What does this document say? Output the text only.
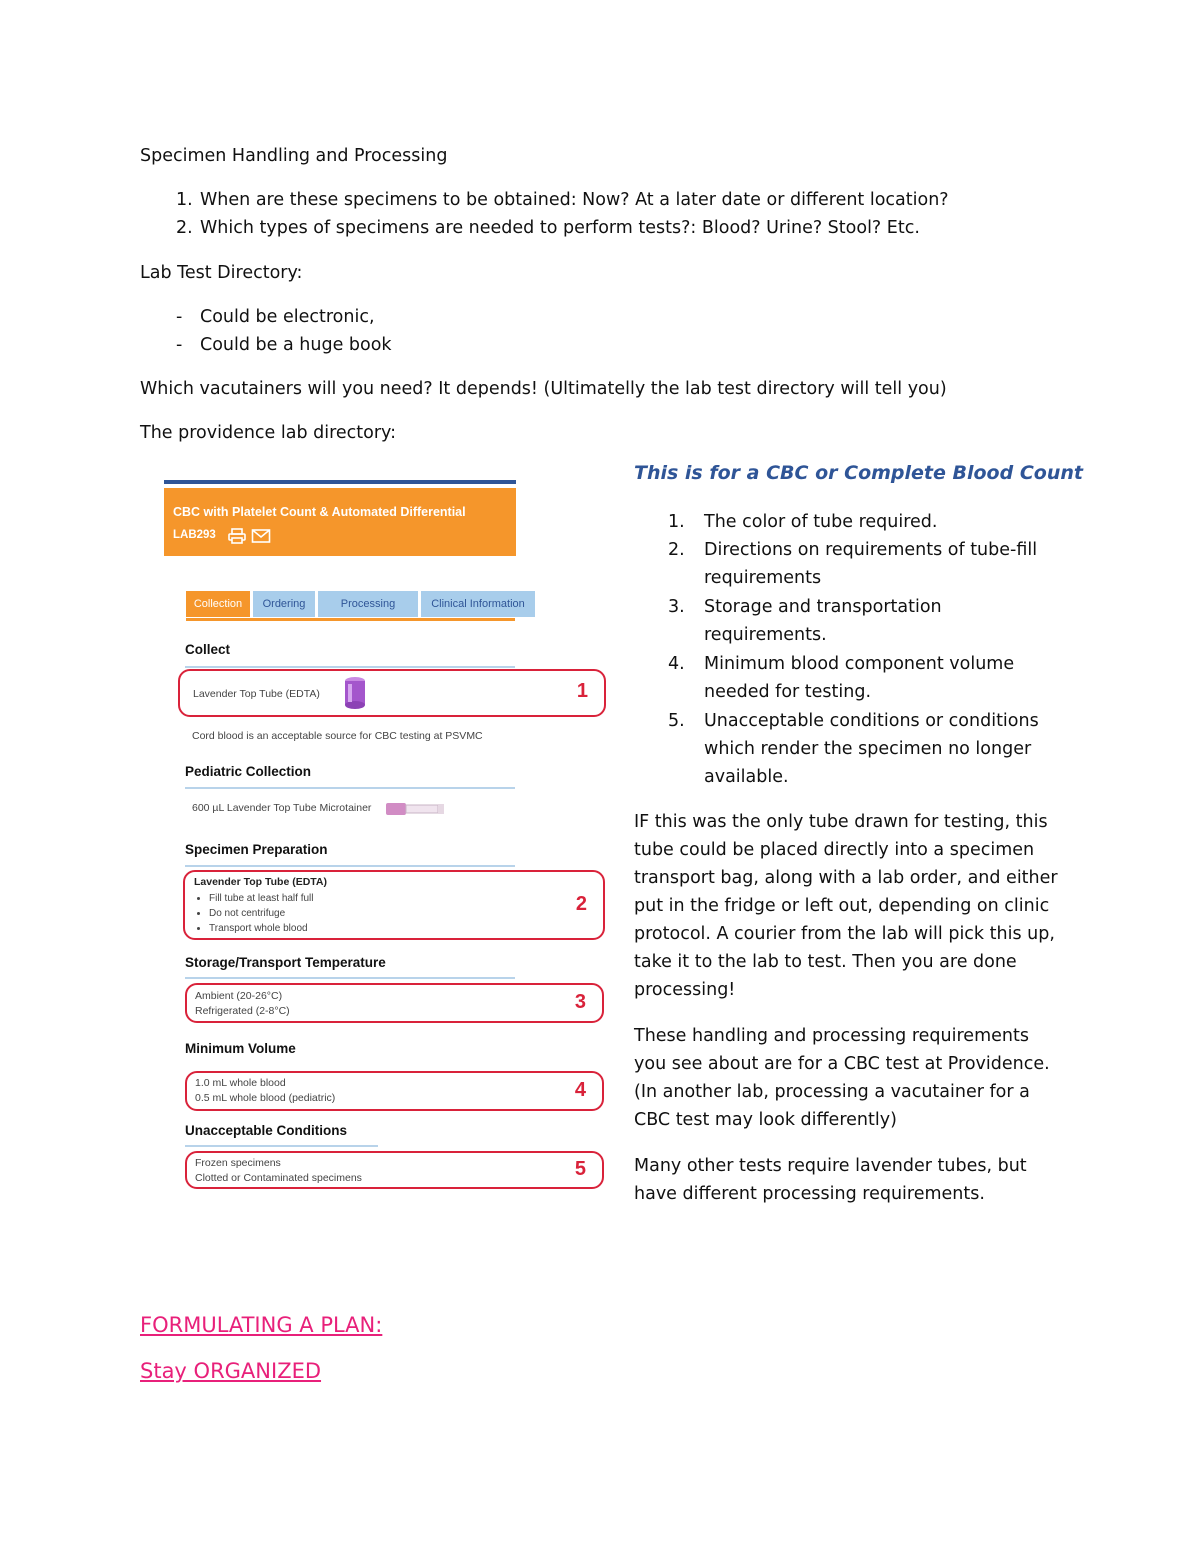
Specimen Handling and Processing
1. When are these specimens to be obtained: Now? At a later date or different location?
2. Which types of specimens are needed to perform tests?: Blood? Urine? Stool? Etc.
Lab Test Directory:
- Could be electronic,
- Could be a huge book
Which vacutainers will you need? It depends! (Ultimatelly the lab test directory will tell you)
The providence lab directory:
CBC with Platelet Count & Automated Differential
LAB293
Collection	Ordering	Processing	Clinical Information
Collect
Lavender Top Tube (EDTA)	1
Cord blood is an acceptable source for CBC testing at PSVMC
Pediatric Collection
600 µL Lavender Top Tube Microtainer
Specimen Preparation
Lavender Top Tube (EDTA)
• Fill tube at least half full
• Do not centrifuge
• Transport whole blood
2
Storage/Transport Temperature
Ambient (20-26°C)
Refrigerated (2-8°C)	3
Minimum Volume
1.0 mL whole blood
0.5 mL whole blood (pediatric)	4
Unacceptable Conditions
Frozen specimens
Clotted or Contaminated specimens	5
This is for a CBC or Complete Blood Count
1. The color of tube required.
2. Directions on requirements of tube-fill
requirements
3. Storage and transportation
requirements.
4. Minimum blood component volume
needed for testing.
5. Unacceptable conditions or conditions
which render the specimen no longer
available.
IF this was the only tube drawn for testing, this
tube could be placed directly into a specimen
transport bag, along with a lab order, and either
put in the fridge or left out, depending on clinic
protocol. A courier from the lab will pick this up,
take it to the lab to test. Then you are done
processing!
These handling and processing requirements
you see about are for a CBC test at Providence.
(In another lab, processing a vacutainer for a
CBC test may look differently)
Many other tests require lavender tubes, but
have different processing requirements.
FORMULATING A PLAN:
Stay ORGANIZED
